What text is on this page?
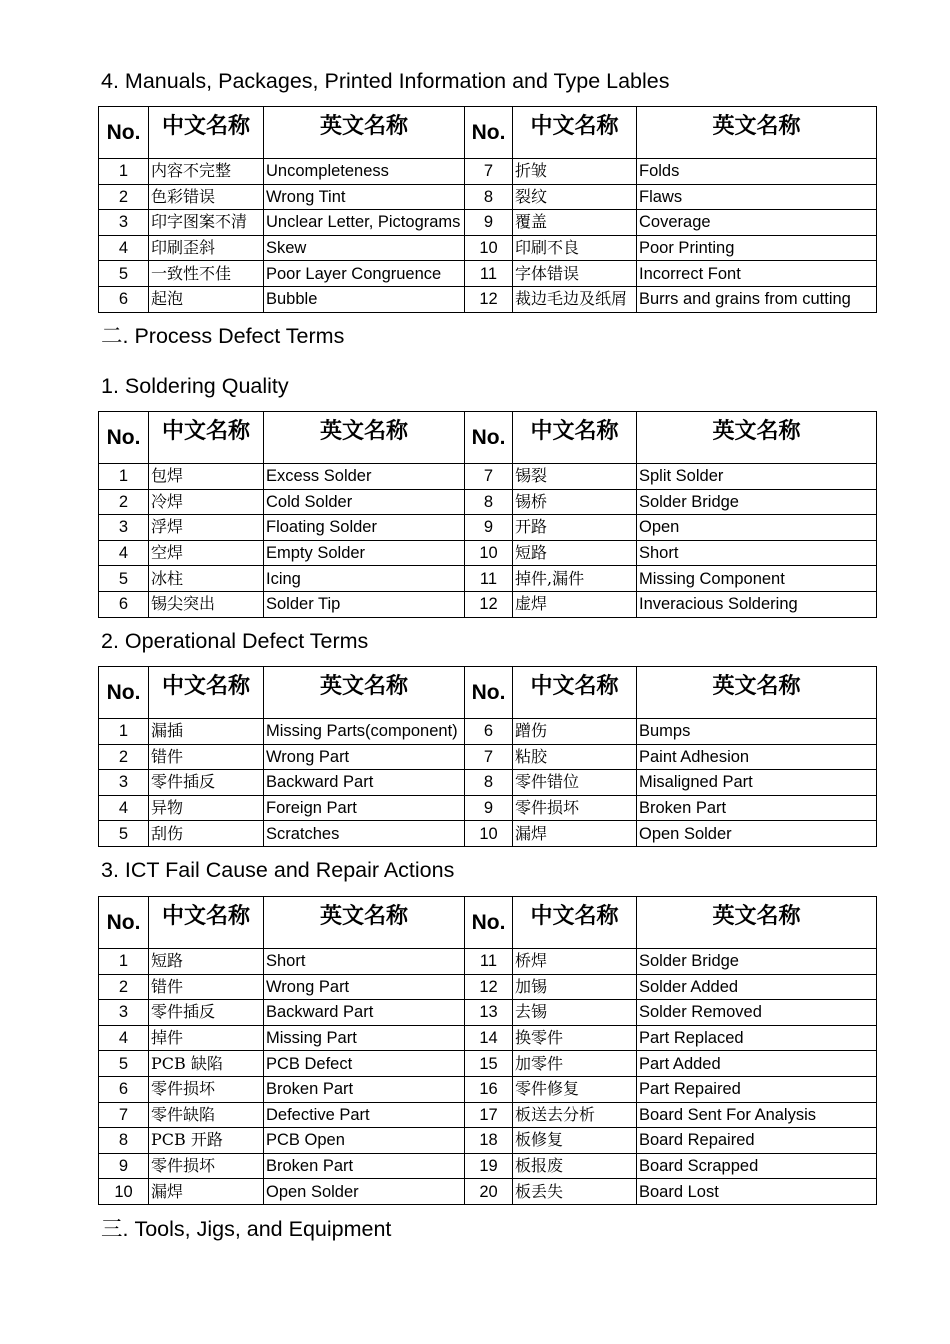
4. Manuals, Packages, Printed Information and Type Lables
No.	中文名称	英文名称	No.	中文名称	英文名称
1	内容不完整	Uncompleteness	7	折皱	Folds
2	色彩错误	Wrong Tint	8	裂纹	Flaws
3	印字图案不清	Unclear Letter, Pictograms	9	覆盖	Coverage
4	印刷歪斜	Skew	10	印刷不良	Poor Printing
5	一致性不佳	Poor Layer Congruence	11	字体错误	Incorrect Font
6	起泡	Bubble	12	裁边毛边及纸屑	Burrs and grains from cutting
二. Process Defect Terms
1. Soldering Quality
No.	中文名称	英文名称	No.	中文名称	英文名称
1	包焊	Excess Solder	7	锡裂	Split Solder
2	冷焊	Cold Solder	8	锡桥	Solder Bridge
3	浮焊	Floating Solder	9	开路	Open
4	空焊	Empty Solder	10	短路	Short
5	冰柱	Icing	11	掉件,漏件	Missing Component
6	锡尖突出	Solder Tip	12	虚焊	Inveracious Soldering
2. Operational Defect Terms
No.	中文名称	英文名称	No.	中文名称	英文名称
1	漏插	Missing Parts(component)	6	蹭伤	Bumps
2	错件	Wrong Part	7	粘胶	Paint Adhesion
3	零件插反	Backward Part	8	零件错位	Misaligned Part
4	异物	Foreign Part	9	零件损坏	Broken Part
5	刮伤	Scratches	10	漏焊	Open Solder
3. ICT Fail Cause and Repair Actions
No.	中文名称	英文名称	No.	中文名称	英文名称
1	短路	Short	11	桥焊	Solder Bridge
2	错件	Wrong Part	12	加锡	Solder Added
3	零件插反	Backward Part	13	去锡	Solder Removed
4	掉件	Missing Part	14	换零件	Part Replaced
5	PCB 缺陷	PCB Defect	15	加零件	Part Added
6	零件损坏	Broken Part	16	零件修复	Part Repaired
7	零件缺陷	Defective Part	17	板送去分析	Board Sent For Analysis
8	PCB 开路	PCB Open	18	板修复	Board Repaired
9	零件损坏	Broken Part	19	板报废	Board Scrapped
10	漏焊	Open Solder	20	板丢失	Board Lost
三. Tools, Jigs, and Equipment
